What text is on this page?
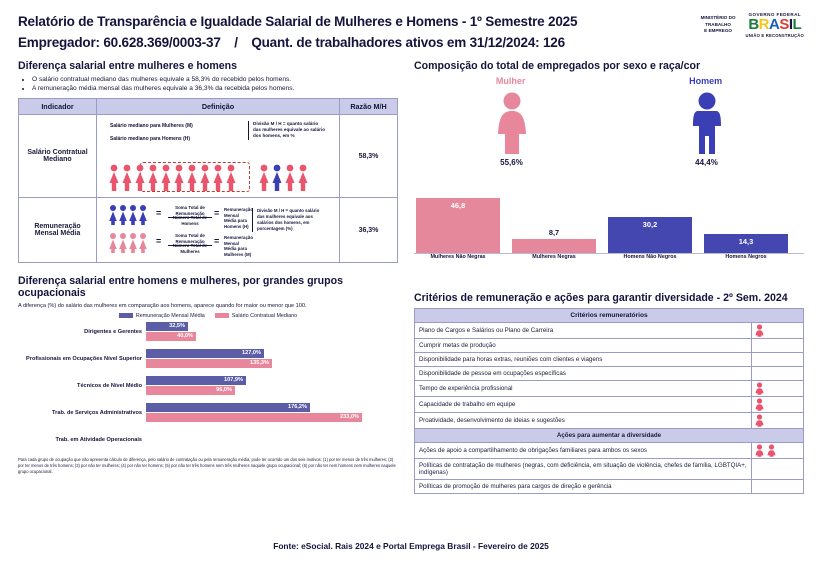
Relatório de Transparência e Igualdade Salarial de Mulheres e Homens - 1º Semestre 2025
Empregador: 60.628.369/0003-37 / Quant. de trabalhadores ativos em 31/12/2024: 126
MINISTÉRIO DO
TRABALHO
E EMPREGO
GOVERNO FEDERAL
B R A S I L
UNIÃO E RECONSTRUÇÃO
Diferença salarial entre mulheres e homens
• O salário contratual mediano das mulheres equivale a 58,3% do recebido pelos homens.
• A remuneração média mensal das mulheres equivale a 36,3% da recebida pelos homens.
Indicador	Definição	Razão M/H
Salário Contratual Mediano	Salário mediano para Mulheres (M)
Salário mediano para Homens (H)
Divisão M / H = quanto salário das mulheres equivale ao salário dos homens, em %	58,3%
Remuneração Mensal Média	
=
Soma Total de Remuneração
Número Total de Homens
= Remuneração Mensal Média para Homens (H)
=
Soma Total de Remuneração
Número Total de Mulheres
= Remuneração Mensal Média para Mulheres (M)
Divisão M / H = quanto salário das mulheres equivale aos salários dos homens, em porcentagem (%)	36,3%
Diferença salarial entre homens e mulheres, por grandes grupos ocupacionais
A diferença (%) do salário das mulheres em comparação aos homens, aparece quando for maior ou menor que 100.
Remuneração Mensal Média	Salário Contratual Mediano
Dirigentes e Gerentes
32,5%
40,0%
Profissionais em Ocupações Nível Superior
127,0%
135,3%
Técnicos de Nível Médio
107,9%
96,0%
Trab. de Serviços Administrativos
176,2%
233,0%
Trab. em Atividade Operacionais
Para cada grupo de ocupação que não apresenta cálculo de diferença, pelo salário de contratação ou pela remuneração média, pode ter ocorrido um dos seis motivos: (1) por ter menos de três mulheres; (2) por ter menos de três homens; (3) por não ter mulheres; (4) por não ter homens; (5) por não ter três homens nem três mulheres naquele grupo ocupacional; (6) por não ter nem homens nem mulheres naquele grupo ocupacional.
Composição do total de empregados por sexo e raça/cor
Mulher	Homem
55,6%	44,4%
46,8
8,7
30,2
14,3
Mulheres Não Negras	Mulheres Negras	Homens Não Negros	Homens Negros
Critérios de remuneração e ações para garantir diversidade - 2º Sem. 2024
Critérios remuneratórios	
Plano de Cargos e Salários ou Plano de Carreira	

Cumprir metas de produção	
Disponibilidade para horas extras, reuniões com clientes e viagens	
Disponibilidade de pessoa em ocupações específicas	
Tempo de experiência profissional	

Capacidade de trabalho em equipe	

Proatividade, desenvolvimento de ideias e sugestões	

Ações para aumentar a diversidade	
Ações de apoio a compartilhamento de obrigações familiares para ambos os sexos	

Políticas de contratação de mulheres (negras, com deficiência, em situação de violência, chefes de família, LGBTQIA+, indígenas)	
Políticas de promoção de mulheres para cargos de direção e gerência	
Fonte: eSocial. Rais 2024 e Portal Emprega Brasil - Fevereiro de 2025
